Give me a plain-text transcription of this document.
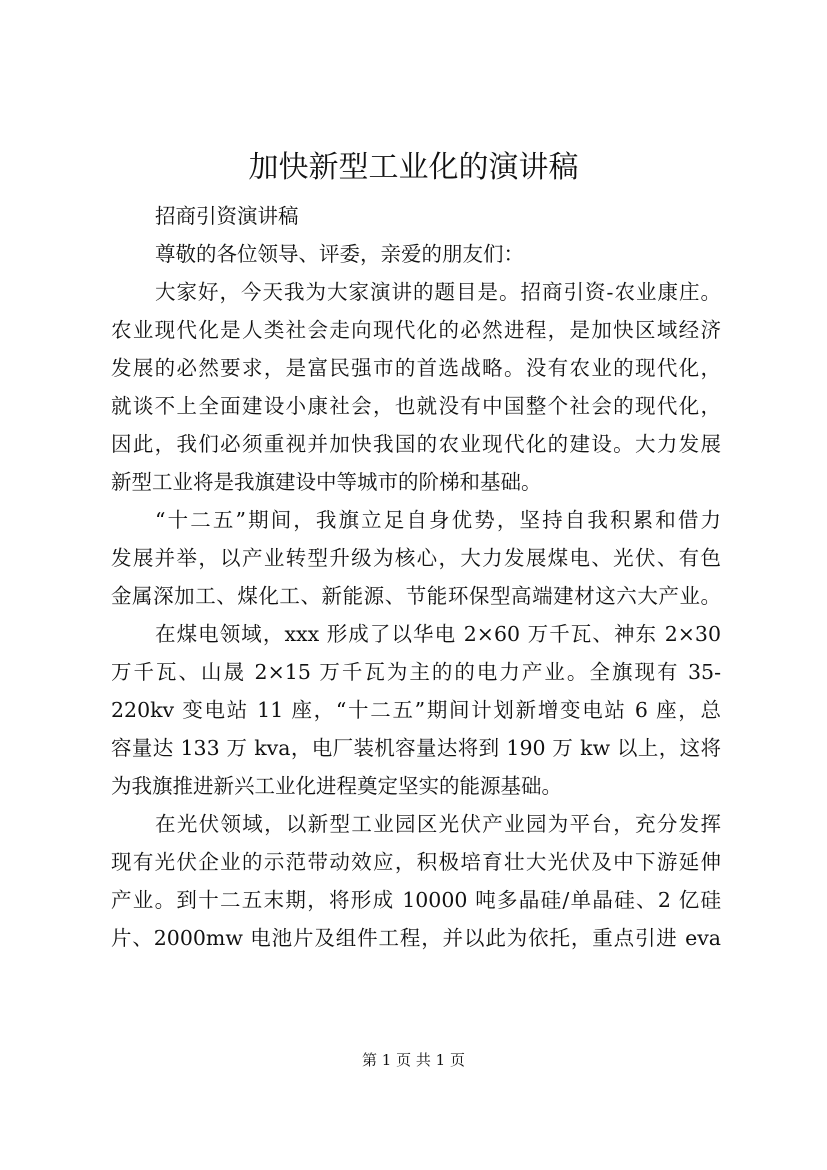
加快新型工业化的演讲稿

招商引资演讲稿

尊敬的各位领导、评委，亲爱的朋友们：

大家好，今天我为大家演讲的题目是。招商引资-农业康庄。

农业现代化是人类社会走向现代化的必然进程，是加快区域经济

发展的必然要求，是富民强市的首选战略。没有农业的现代化，

就谈不上全面建设小康社会，也就没有中国整个社会的现代化，

因此，我们必须重视并加快我国的农业现代化的建设。大力发展

新型工业将是我旗建设中等城市的阶梯和基础。

“十二五”期间，我旗立足自身优势，坚持自我积累和借力

发展并举，以产业转型升级为核心，大力发展煤电、光伏、有色

金属深加工、煤化工、新能源、节能环保型高端建材这六大产业。

在煤电领域，xxx 形成了以华电 2×60 万千瓦、神东 2×30

万千瓦、山晟 2×15 万千瓦为主的的电力产业。全旗现有 35-

220kv 变电站 11 座，“十二五”期间计划新增变电站 6 座，总

容量达 133 万 kva，电厂装机容量达将到 190 万 kw 以上，这将

为我旗推进新兴工业化进程奠定坚实的能源基础。

在光伏领域，以新型工业园区光伏产业园为平台，充分发挥

现有光伏企业的示范带动效应，积极培育壮大光伏及中下游延伸

产业。到十二五末期，将形成 10000 吨多晶硅/单晶硅、2 亿硅

片、2000mw 电池片及组件工程，并以此为依托，重点引进 eva

第 1 页 共 1 页
